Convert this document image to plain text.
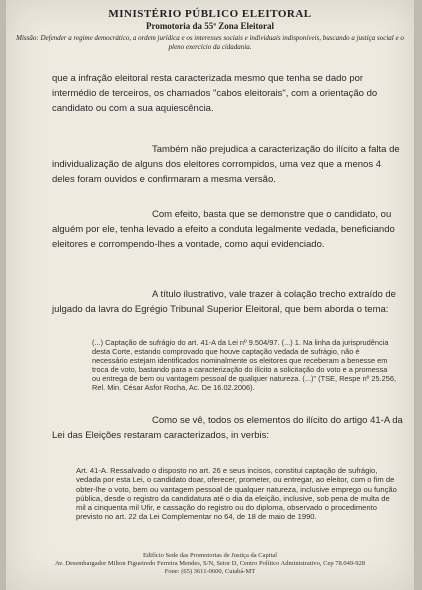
MINISTÉRIO PÚBLICO ELEITORAL
Promotoria da 55ª Zona Eleitoral
Missão: Defender a regime democrático, a ordem jurídica e os interesses sociais e individuais indisponíveis, buscando a justiça social e o pleno exercício da cidadania.
que a infração eleitoral resta caracterizada mesmo que tenha se dado por intermédio de terceiros, os chamados "cabos eleitorais", com a orientação do candidato ou com a sua aquiescência.
Também não prejudica a caracterização do ilícito a falta de individualização de alguns dos eleitores corrompidos, uma vez que a menos 4 deles foram ouvidos e confirmaram a mesma versão.
Com efeito, basta que se demonstre que o candidato, ou alguém por ele, tenha levado a efeito a conduta legalmente vedada, beneficiando eleitores e corrompendo-lhes a vontade, como aqui evidenciado.
A título ilustrativo, vale trazer à colação trecho extraído de julgado da lavra do Egrégio Tribunal Superior Eleitoral, que bem aborda o tema:
(...) Captação de sufrágio do art. 41-A da Lei nº 9.504/97. (...) 1. Na linha da jurisprudência desta Corte, estando comprovado que houve captação vedada de sufrágio, não é necessário estejam identificados nominalmente os eleitores que receberam a benesse em troca de voto, bastando para a caracterização do ilícito a solicitação do voto e a promessa ou entrega de bem ou vantagem pessoal de qualquer natureza. (...)" (TSE, Respe nº 25.256, Rel. Min. César Asfor Rocha, Ac. De 16.02.2006).
Como se vê, todos os elementos do ilícito do artigo 41-A da Lei das Eleições restaram caracterizados, in verbis:
Art. 41-A. Ressalvado o disposto no art. 26 e seus incisos, constitui captação de sufrágio, vedada por esta Lei, o candidato doar, oferecer, prometer, ou entregar, ao eleitor, com o fim de obter-lhe o voto, bem ou vantagem pessoal de qualquer natureza, inclusive emprego ou função pública, desde o registro da candidatura até o dia da eleição, inclusive, sob pena de multa de mil a cinquenta mil Ufir, e cassação do registro ou do diploma, observado o procedimento previsto no art. 22 da Lei Complementar no 64, de 18 de maio de 1990.
Edifício Sede das Promotorias de Justiça da Capital
Av. Desembargador Milton Figueiredo Ferreira Mendes, S/N, Setor D, Centro Político Administrativo, Cep 78.049-928
Fone: (65) 3611-0600, Cuiabá-MT
